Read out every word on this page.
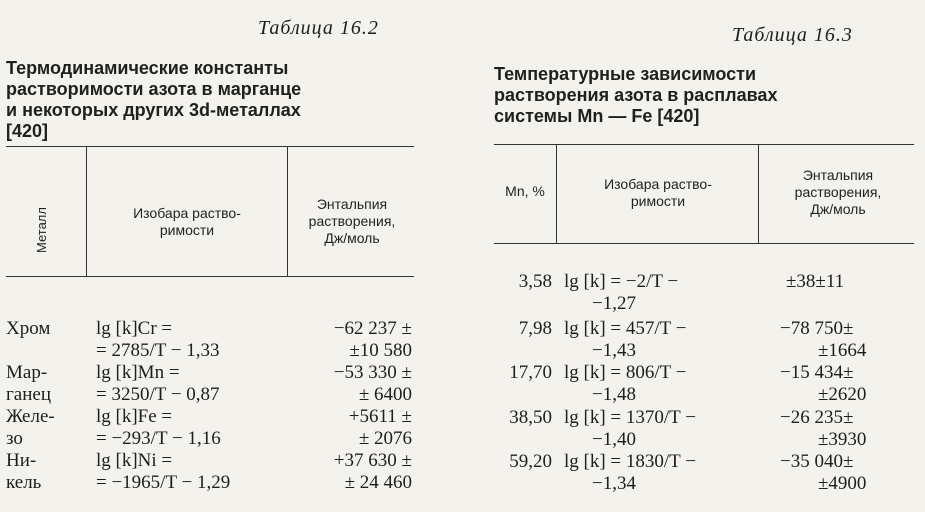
Таблица 16.2
Термодинамические константы
растворимости азота в марганце
и некоторых других 3d-металлах
[420]
Металл	Изобара раство-
римости
Энтальпия
растворения,
Дж/моль
Хром lg [k]Cr =
= 2785/T − 1,33
−62 237 ±
±10 580
Мар-
ганец
lg [k]Mn =
= 3250/T − 0,87
−53 330 ±
± 6400
Желе-
зо
lg [k]Fe =
= −293/T − 1,16
+5611 ±
± 2076
Ни-
кель
lg [k]Ni =
= −1965/T − 1,29
+37 630 ±
± 24 460
Таблица 16.3
Температурные зависимости
растворения азота в расплавах
системы Mn — Fe [420]
Mn, %	Изобара раство-
римости
Энтальпия
растворения,
Дж/моль
3,58 lg [k] = −2/T −
−1,27
±38±11
7,98 lg [k] = 457/T −
−1,43
−78 750±
±1664
17,70 lg [k] = 806/T −
−1,48
−15 434±
±2620
38,50 lg [k] = 1370/T −
−1,40
−26 235±
±3930
59,20 lg [k] = 1830/T −
−1,34
−35 040±
±4900
